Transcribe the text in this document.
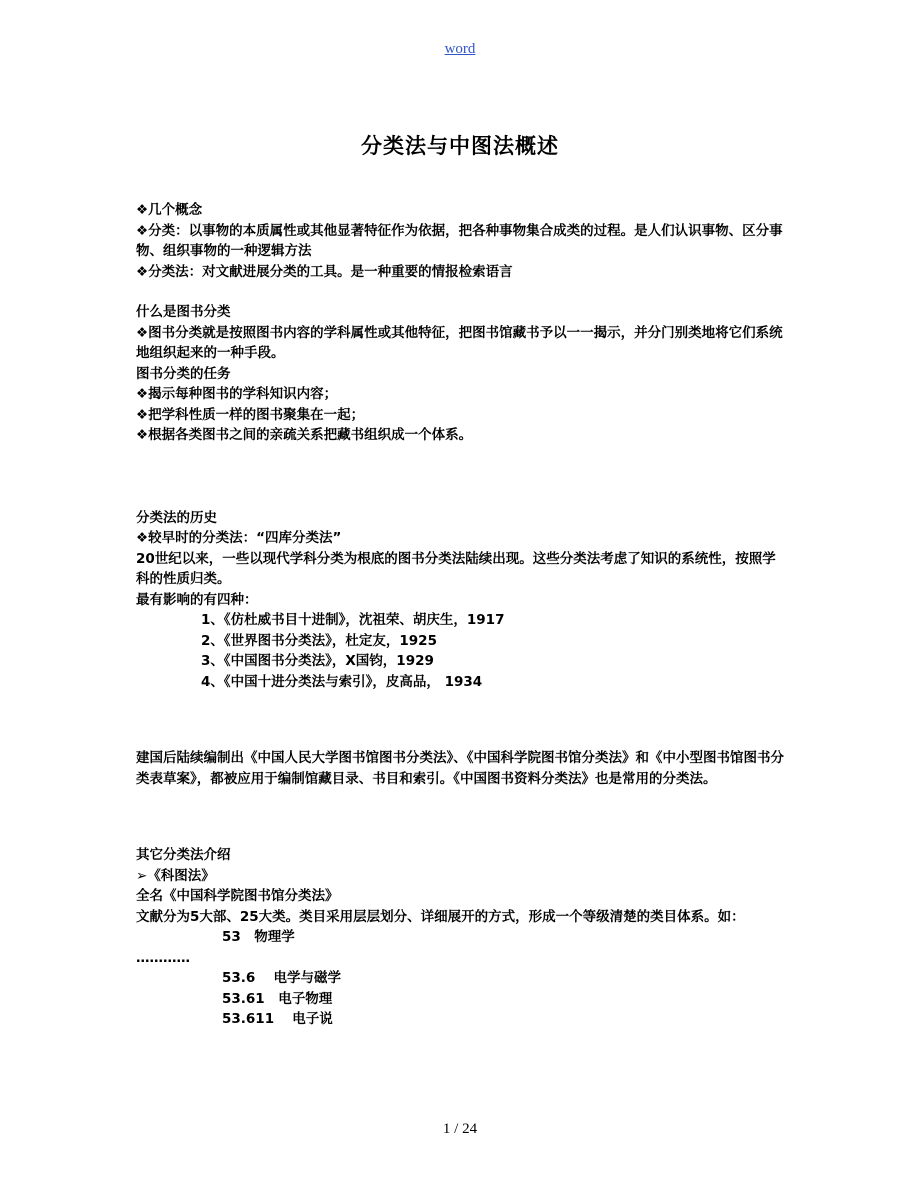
word
分类法与中图法概述
❖ 几个概念
❖ 分类：以事物的本质属性或其他显著特征作为依据，把各种事物集合成类的过程。是人们认识事物、区分事物、组织事物的一种逻辑方法
❖ 分类法：对文献进展分类的工具。是一种重要的情报检索语言
什么是图书分类
❖ 图书分类就是按照图书内容的学科属性或其他特征，把图书馆藏书予以一一揭示，并分门别类地将它们系统地组织起来的一种手段。
图书分类的任务
❖ 揭示每种图书的学科知识内容；
❖ 把学科性质一样的图书聚集在一起；
❖ 根据各类图书之间的亲疏关系把藏书组织成一个体系。
分类法的历史
❖ 较早时的分类法：“四库分类法”
20世纪以来，一些以现代学科分类为根底的图书分类法陆续出现。这些分类法考虑了知识的系统性，按照学科的性质归类。
最有影响的有四种：
1、《仿杜威书目十进制》，沈祖荣、胡庆生，1917
2、《世界图书分类法》，杜定友，1925
3、《中国图书分类法》，X国钧，1929
4、《中国十进分类法与索引》，皮高品， 1934
建国后陆续编制出《中国人民大学图书馆图书分类法》、《中国科学院图书馆分类法》和《中小型图书馆图书分类表草案》，都被应用于编制馆藏目录、书目和索引。《中国图书资料分类法》也是常用的分类法。
其它分类法介绍
➢ 《科图法》
全名《中国科学院图书馆分类法》
文献分为5大部、25大类。类目采用层层划分、详细展开的方式，形成一个等级清楚的类目体系。如：
53　物理学
…………
53.6　 电学与磁学
53.61　电子物理
53.611　 电子说
1 / 24
